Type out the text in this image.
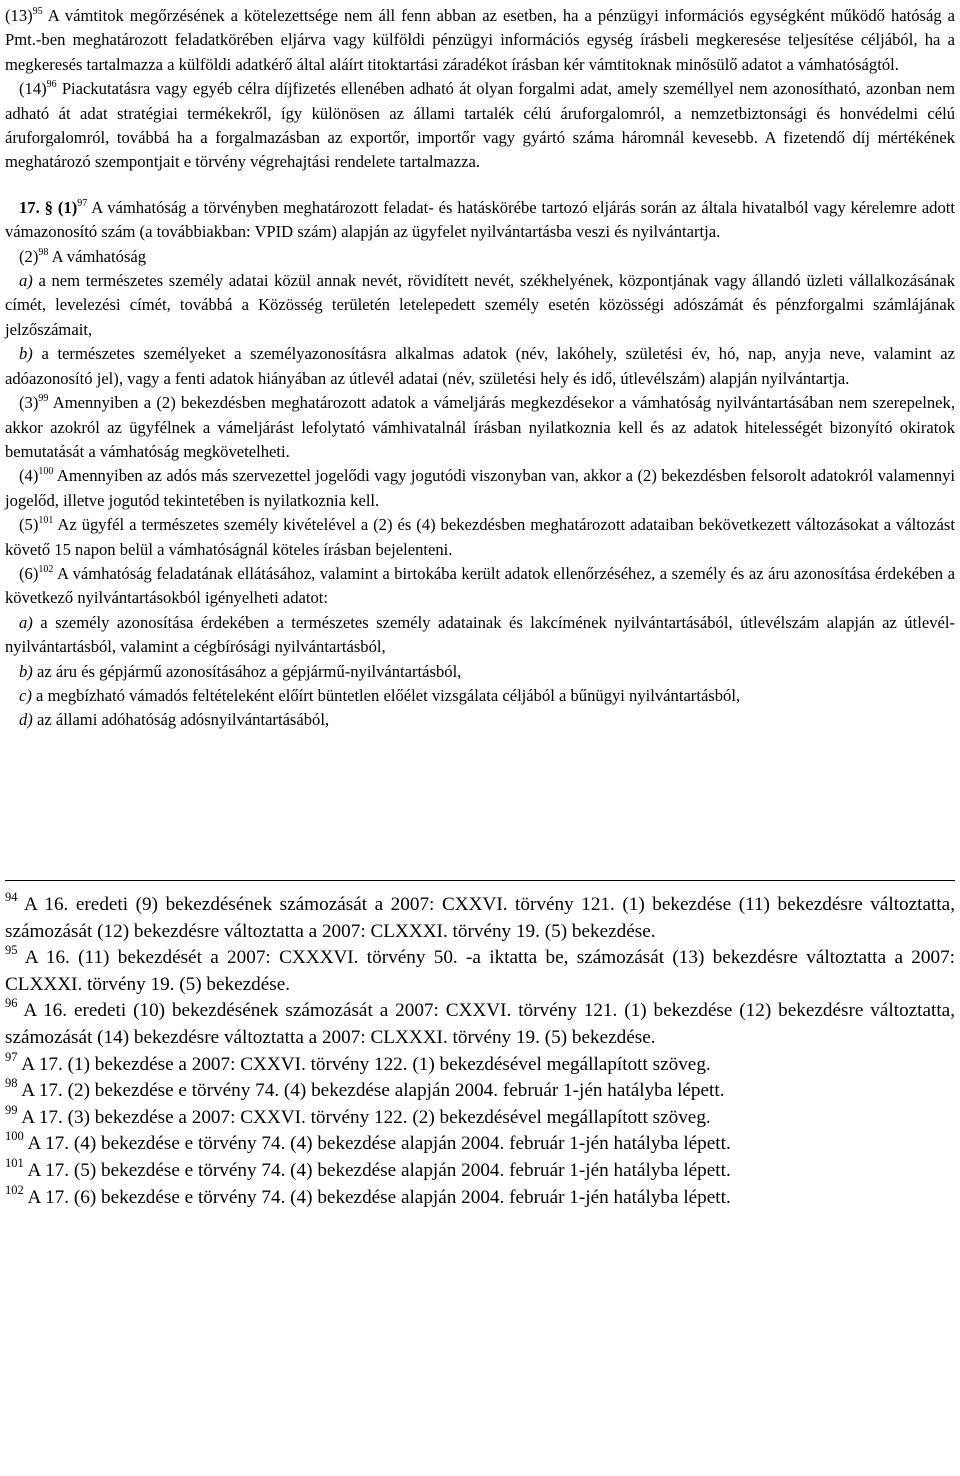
$(13)^{95}$ A vámtitok megőrzésének a kötelezettsége nem áll fenn abban az esetben, ha a pénzügyi információs egységként működő hatóság a Pmt.-ben meghatározott feladatkörében eljárva vagy külföldi pénzügyi információs egység írásbeli megkeresése teljesítése céljából, ha a megkeresés tartalmazza a külföldi adatkérő által aláírt titoktartási záradékot írásban kér vámtitoknak minősülő adatot a vámhatóságtól.

$(14)^{96}$ Piackutatásra vagy egyéb célra díjfizetés ellenében adható át olyan forgalmi adat, amely személlyel nem azonosítható, azonban nem adható át adat stratégiai termékekről, így különösen az állami tartalék célú áruforgalomról, a nemzetbiztonsági és honvédelmi célú áruforgalomról, továbbá ha a forgalmazásban az exportőr, importőr vagy gyártó száma háromnál kevesebb. A fizetendő díj mértékének meghatározó szempontjait e törvény végrehajtási rendelete tartalmazza.

17. § $(1)^{97}$ A vámhatóság a törvényben meghatározott feladat- és hatáskörébe tartozó eljárás során az általa hivatalból vagy kérelemre adott vámazonosító szám (a továbbiakban: VPID szám) alapján az ügyfelet nyilvántartásba veszi és nyilvántartja.

$(2)^{98}$ A vámhatóság

a) a nem természetes személy adatai közül annak nevét, rövidített nevét, székhelyének, központjának vagy állandó üzleti vállalkozásának címét, levelezési címét, továbbá a Közösség területén letelepedett személy esetén közösségi adószámát és pénzforgalmi számlájának jelzőszámait,

b) a természetes személyeket a személyazonosításra alkalmas adatok (név, lakóhely, születési év, hó, nap, anyja neve, valamint az adóazonosító jel), vagy a fenti adatok hiányában az útlevél adatai (név, születési hely és idő, útlevélszám) alapján nyilvántartja.

$(3)^{99}$ Amennyiben a (2) bekezdésben meghatározott adatok a vámeljárás megkezdésekor a vámhatóság nyilvántartásában nem szerepelnek, akkor azokról az ügyfélnek a vámeljárást lefolytató vámhivatalnál írásban nyilatkoznia kell és az adatok hitelességét bizonyító okiratok bemutatását a vámhatóság megkövetelheti.

$(4)^{100}$ Amennyiben az adós más szervezettel jogelődi vagy jogutódi viszonyban van, akkor a (2) bekezdésben felsorolt adatokról valamennyi jogelőd, illetve jogutód tekintetében is nyilatkoznia kell.

$(5)^{101}$ Az ügyfél a természetes személy kivételével a (2) és (4) bekezdésben meghatározott adataiban bekövetkezett változásokat a változást követő 15 napon belül a vámhatóságnál köteles írásban bejelenteni.

$(6)^{102}$ A vámhatóság feladatának ellátásához, valamint a birtokába került adatok ellenőrzéséhez, a személy és az áru azonosítása érdekében a következő nyilvántartásokból igényelheti adatot:

a) a személy azonosítása érdekében a természetes személy adatainak és lakcímének nyilvántartásából, útlevélszám alapján az útlevél-nyilvántartásból, valamint a cégbírósági nyilvántartásból,

b) az áru és gépjármű azonosításához a gépjármű-nyilvántartásból,

c) a megbízható vámadós feltételeként előírt büntetlen előélet vizsgálata céljából a bűnügyi nyilvántartásból,

d) az állami adóhatóság adósnyilvántartásából,

$^{94}$ A 16. eredeti (9) bekezdésének számozását a 2007: CXXVI. törvény 121. (1) bekezdése (11) bekezdésre változtatta, számozását (12) bekezdésre változtatta a 2007: CLXXXI. törvény 19. (5) bekezdése.

$^{95}$ A 16. (11) bekezdését a 2007: CXXXVI. törvény 50. -a iktatta be, számozását (13) bekezdésre változtatta a 2007: CLXXXI. törvény 19. (5) bekezdése.

$^{96}$ A 16. eredeti (10) bekezdésének számozását a 2007: CXXVI. törvény 121. (1) bekezdése (12) bekezdésre változtatta, számozását (14) bekezdésre változtatta a 2007: CLXXXI. törvény 19. (5) bekezdése.

$^{97}$ A 17. (1) bekezdése a 2007: CXXVI. törvény 122. (1) bekezdésével megállapított szöveg.

$^{98}$ A 17. (2) bekezdése e törvény 74. (4) bekezdése alapján 2004. február 1-jén hatályba lépett.

$^{99}$ A 17. (3) bekezdése a 2007: CXXVI. törvény 122. (2) bekezdésével megállapított szöveg.

$^{100}$ A 17. (4) bekezdése e törvény 74. (4) bekezdése alapján 2004. február 1-jén hatályba lépett.

$^{101}$ A 17. (5) bekezdése e törvény 74. (4) bekezdése alapján 2004. február 1-jén hatályba lépett.

$^{102}$ A 17. (6) bekezdése e törvény 74. (4) bekezdése alapján 2004. február 1-jén hatályba lépett.
